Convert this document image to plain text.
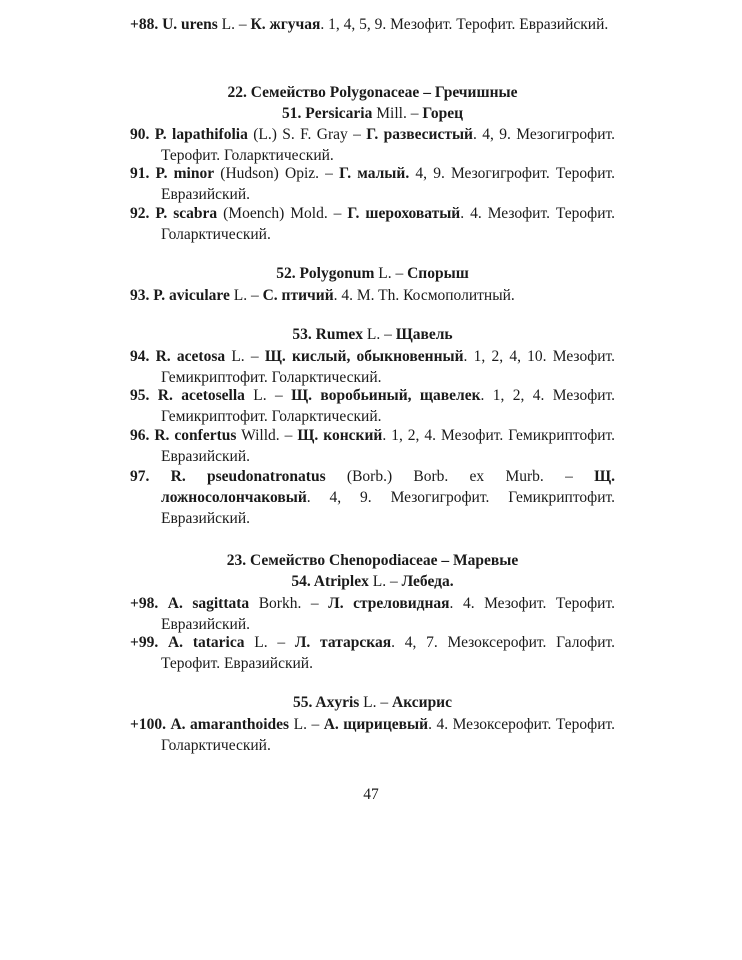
+88. U. urens L. – К. жгучая. 1, 4, 5, 9. Мезофит. Терофит. Евразийский.
22. Семейство Polygonaceae – Гречишные
51. Persicaria Mill. – Горец
90. P. lapathifolia (L.) S. F. Gray – Г. развесистый. 4, 9. Мезогигрофит. Терофит. Голарктический.
91. P. minor (Hudson) Opiz. – Г. малый. 4, 9. Мезогигрофит. Терофит. Евразийский.
92. P. scabra (Moench) Mold. – Г. шероховатый. 4. Мезофит. Терофит. Голарктический.
52. Polygonum L. – Спорыш
93. P. aviculare L. – С. птичий. 4. M. Th. Космополитный.
53. Rumex L. – Щавель
94. R. acetosa L. – Щ. кислый, обыкновенный. 1, 2, 4, 10. Мезофит. Гемикриптофит. Голарктический.
95. R. acetosella L. – Щ. воробьиный, щавелек. 1, 2, 4. Мезофит. Гемикриптофит. Голарктический.
96. R. confertus Willd. – Щ. конский. 1, 2, 4. Мезофит. Гемикриптофит. Евразийский.
97. R. pseudonatronatus (Borb.) Borb. ex Murb. – Щ. ложносолончаковый. 4, 9. Мезогигрофит. Гемикриптофит. Евразийский.
23. Семейство Chenopodiaceae – Маревые
54. Atriplex L. – Лебеда.
+98. A. sagittata Borkh. – Л. стреловидная. 4. Мезофит. Терофит. Евразийский.
+99. A. tatarica L. – Л. татарская. 4, 7. Мезоксерофит. Галофит. Терофит. Евразийский.
55. Axyris L. – Аксирис
+100. A. amaranthoides L. – А. щирицевый. 4. Мезоксерофит. Терофит. Голарктический.
47
